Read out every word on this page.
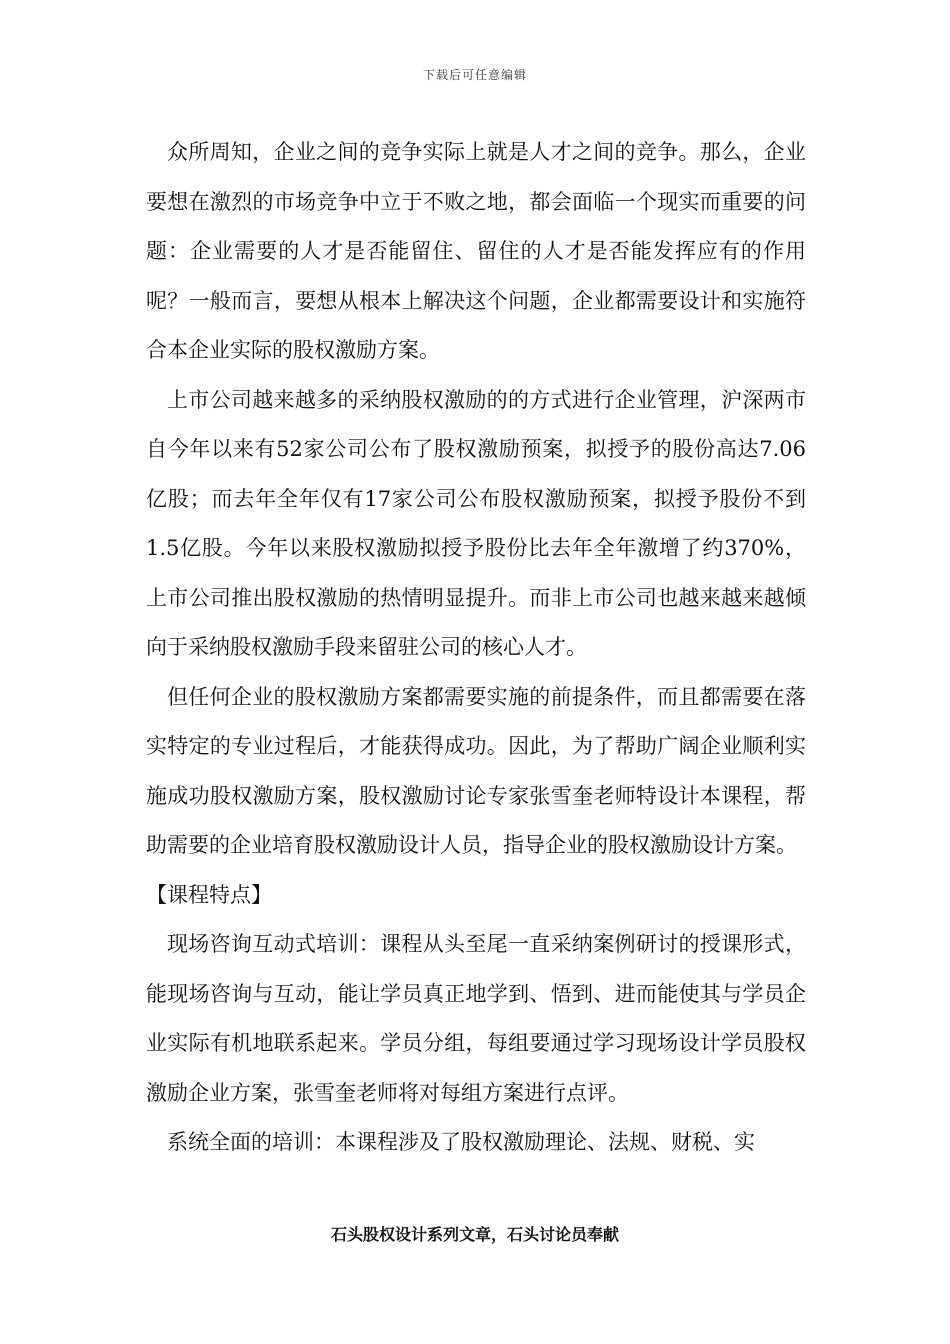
下载后可任意编辑

众所周知，企业之间的竞争实际上就是人才之间的竞争。那么，企业要想在激烈的市场竞争中立于不败之地，都会面临一个现实而重要的问题：企业需要的人才是否能留住、留住的人才是否能发挥应有的作用呢？一般而言，要想从根本上解决这个问题，企业都需要设计和实施符合本企业实际的股权激励方案。

上市公司越来越多的采纳股权激励的的方式进行企业管理，沪深两市自今年以来有52家公司公布了股权激励预案，拟授予的股份高达7.06亿股；而去年全年仅有17家公司公布股权激励预案，拟授予股份不到1.5亿股。今年以来股权激励拟授予股份比去年全年激增了约370%，上市公司推出股权激励的热情明显提升。而非上市公司也越来越来越倾向于采纳股权激励手段来留驻公司的核心人才。

但任何企业的股权激励方案都需要实施的前提条件，而且都需要在落实特定的专业过程后，才能获得成功。因此，为了帮助广阔企业顺利实施成功股权激励方案，股权激励讨论专家张雪奎老师特设计本课程，帮助需要的企业培育股权激励设计人员，指导企业的股权激励设计方案。

【课程特点】

现场咨询互动式培训：课程从头至尾一直采纳案例研讨的授课形式，能现场咨询与互动，能让学员真正地学到、悟到、进而能使其与学员企业实际有机地联系起来。学员分组，每组要通过学习现场设计学员股权激励企业方案，张雪奎老师将对每组方案进行点评。

系统全面的培训：本课程涉及了股权激励理论、法规、财税、实

石头股权设计系列文章，石头讨论员奉献
